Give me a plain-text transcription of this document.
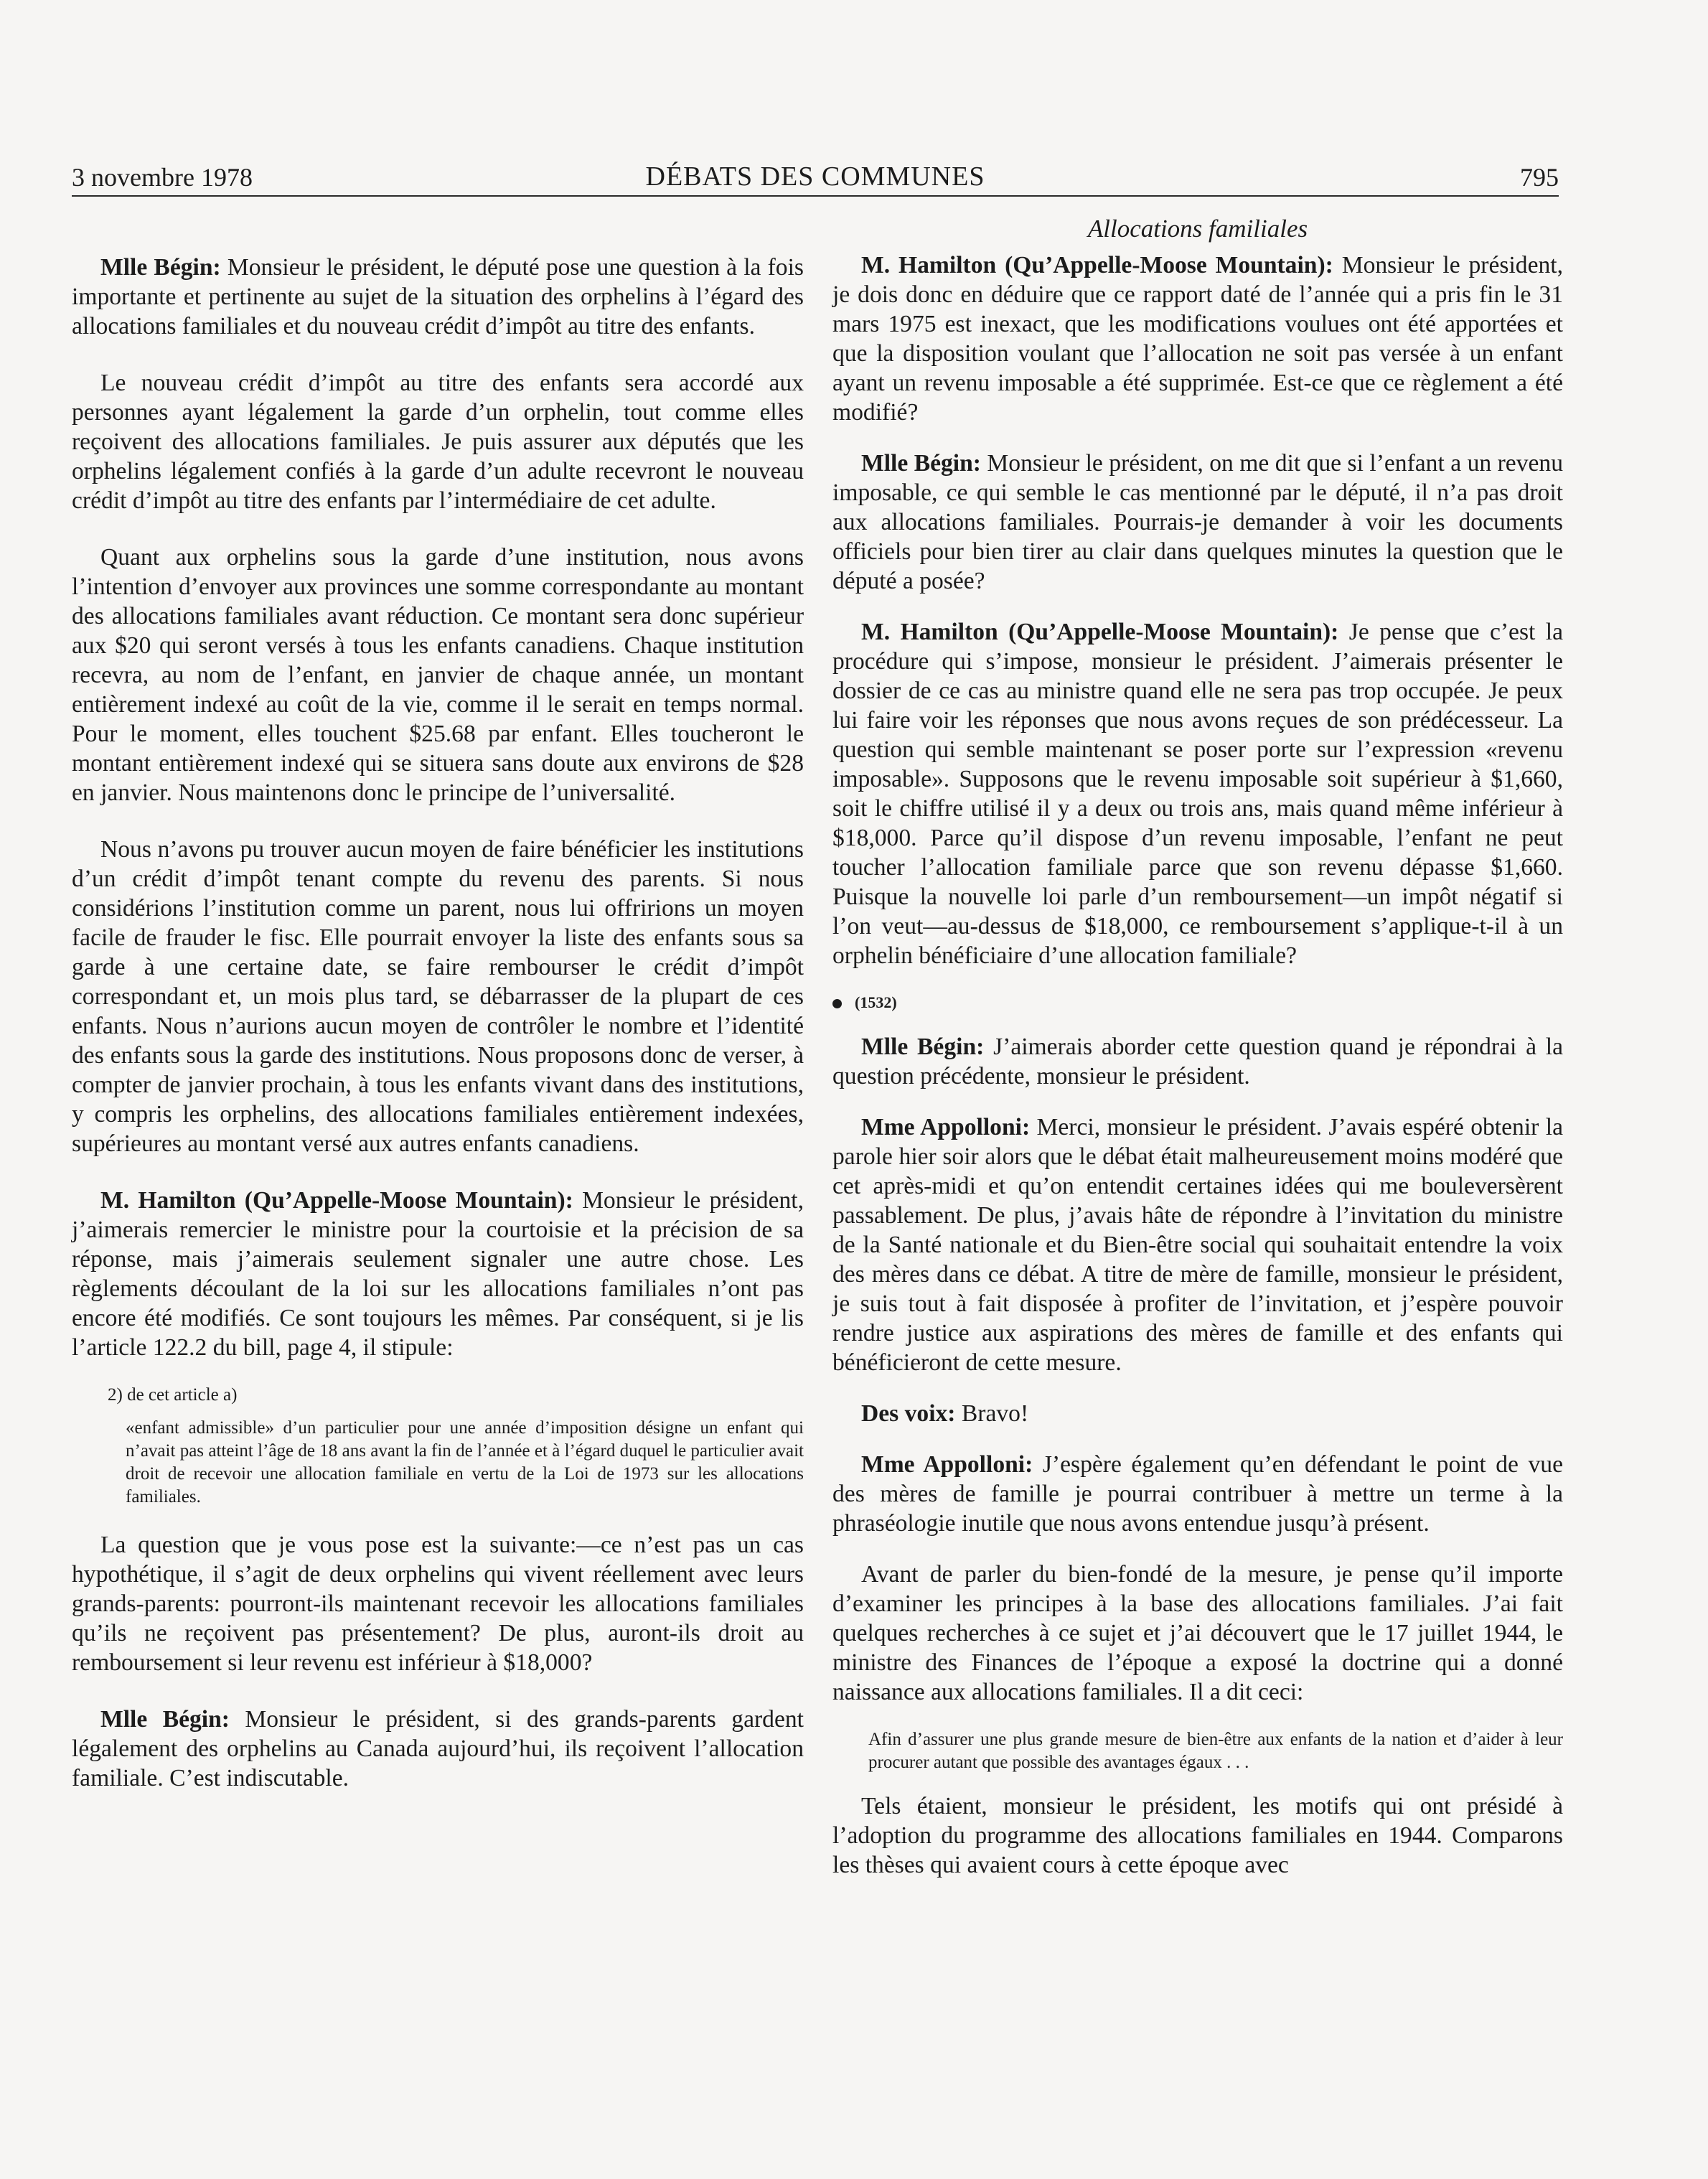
3 novembre 1978	DÉBATS DES COMMUNES	795

Mlle Bégin: Monsieur le président, le député pose une question à la fois importante et pertinente au sujet de la situation des orphelins à l’égard des allocations familiales et du nouveau crédit d’impôt au titre des enfants.

Le nouveau crédit d’impôt au titre des enfants sera accordé aux personnes ayant légalement la garde d’un orphelin, tout comme elles reçoivent des allocations familiales. Je puis assurer aux députés que les orphelins légalement confiés à la garde d’un adulte recevront le nouveau crédit d’impôt au titre des enfants par l’intermédiaire de cet adulte.

Quant aux orphelins sous la garde d’une institution, nous avons l’intention d’envoyer aux provinces une somme correspondante au montant des allocations familiales avant réduction. Ce montant sera donc supérieur aux $20 qui seront versés à tous les enfants canadiens. Chaque institution recevra, au nom de l’enfant, en janvier de chaque année, un montant entièrement indexé au coût de la vie, comme il le serait en temps normal. Pour le moment, elles touchent $25.68 par enfant. Elles toucheront le montant entièrement indexé qui se situera sans doute aux environs de $28 en janvier. Nous maintenons donc le principe de l’universalité.

Nous n’avons pu trouver aucun moyen de faire bénéficier les institutions d’un crédit d’impôt tenant compte du revenu des parents. Si nous considérions l’institution comme un parent, nous lui offririons un moyen facile de frauder le fisc. Elle pourrait envoyer la liste des enfants sous sa garde à une certaine date, se faire rembourser le crédit d’impôt correspondant et, un mois plus tard, se débarrasser de la plupart de ces enfants. Nous n’aurions aucun moyen de contrôler le nombre et l’identité des enfants sous la garde des institutions. Nous proposons donc de verser, à compter de janvier prochain, à tous les enfants vivant dans des institutions, y compris les orphelins, des allocations familiales entièrement indexées, supérieures au montant versé aux autres enfants canadiens.

M. Hamilton (Qu’Appelle-Moose Mountain): Monsieur le président, j’aimerais remercier le ministre pour la courtoisie et la précision de sa réponse, mais j’aimerais seulement signaler une autre chose. Les règlements découlant de la loi sur les allocations familiales n’ont pas encore été modifiés. Ce sont toujours les mêmes. Par conséquent, si je lis l’article 122.2 du bill, page 4, il stipule:

2) de cet article a)
«enfant admissible» d’un particulier pour une année d’imposition désigne un enfant qui n’avait pas atteint l’âge de 18 ans avant la fin de l’année et à l’égard duquel le particulier avait droit de recevoir une allocation familiale en vertu de la Loi de 1973 sur les allocations familiales.

La question que je vous pose est la suivante:—ce n’est pas un cas hypothétique, il s’agit de deux orphelins qui vivent réellement avec leurs grands-parents: pourront-ils maintenant recevoir les allocations familiales qu’ils ne reçoivent pas présentement? De plus, auront-ils droit au remboursement si leur revenu est inférieur à $18,000?

Mlle Bégin: Monsieur le président, si des grands-parents gardent légalement des orphelins au Canada aujourd’hui, ils reçoivent l’allocation familiale. C’est indiscutable.

Allocations familiales

M. Hamilton (Qu’Appelle-Moose Mountain): Monsieur le président, je dois donc en déduire que ce rapport daté de l’année qui a pris fin le 31 mars 1975 est inexact, que les modifications voulues ont été apportées et que la disposition voulant que l’allocation ne soit pas versée à un enfant ayant un revenu imposable a été supprimée. Est-ce que ce règlement a été modifié?

Mlle Bégin: Monsieur le président, on me dit que si l’enfant a un revenu imposable, ce qui semble le cas mentionné par le député, il n’a pas droit aux allocations familiales. Pourrais-je demander à voir les documents officiels pour bien tirer au clair dans quelques minutes la question que le député a posée?

M. Hamilton (Qu’Appelle-Moose Mountain): Je pense que c’est la procédure qui s’impose, monsieur le président. J’aimerais présenter le dossier de ce cas au ministre quand elle ne sera pas trop occupée. Je peux lui faire voir les réponses que nous avons reçues de son prédécesseur. La question qui semble maintenant se poser porte sur l’expression «revenu imposable». Supposons que le revenu imposable soit supérieur à $1,660, soit le chiffre utilisé il y a deux ou trois ans, mais quand même inférieur à $18,000. Parce qu’il dispose d’un revenu imposable, l’enfant ne peut toucher l’allocation familiale parce que son revenu dépasse $1,660. Puisque la nouvelle loi parle d’un remboursement—un impôt négatif si l’on veut—au-dessus de $18,000, ce remboursement s’applique-t-il à un orphelin bénéficiaire d’une allocation familiale?

(1532)

Mlle Bégin: J’aimerais aborder cette question quand je répondrai à la question précédente, monsieur le président.

Mme Appolloni: Merci, monsieur le président. J’avais espéré obtenir la parole hier soir alors que le débat était malheureusement moins modéré que cet après-midi et qu’on entendit certaines idées qui me bouleversèrent passablement. De plus, j’avais hâte de répondre à l’invitation du ministre de la Santé nationale et du Bien-être social qui souhaitait entendre la voix des mères dans ce débat. A titre de mère de famille, monsieur le président, je suis tout à fait disposée à profiter de l’invitation, et j’espère pouvoir rendre justice aux aspirations des mères de famille et des enfants qui bénéficieront de cette mesure.

Des voix: Bravo!

Mme Appolloni: J’espère également qu’en défendant le point de vue des mères de famille je pourrai contribuer à mettre un terme à la phraséologie inutile que nous avons entendue jusqu’à présent.

Avant de parler du bien-fondé de la mesure, je pense qu’il importe d’examiner les principes à la base des allocations familiales. J’ai fait quelques recherches à ce sujet et j’ai découvert que le 17 juillet 1944, le ministre des Finances de l’époque a exposé la doctrine qui a donné naissance aux allocations familiales. Il a dit ceci:

Afin d’assurer une plus grande mesure de bien-être aux enfants de la nation et d’aider à leur procurer autant que possible des avantages égaux . . .

Tels étaient, monsieur le président, les motifs qui ont présidé à l’adoption du programme des allocations familiales en 1944. Comparons les thèses qui avaient cours à cette époque avec
